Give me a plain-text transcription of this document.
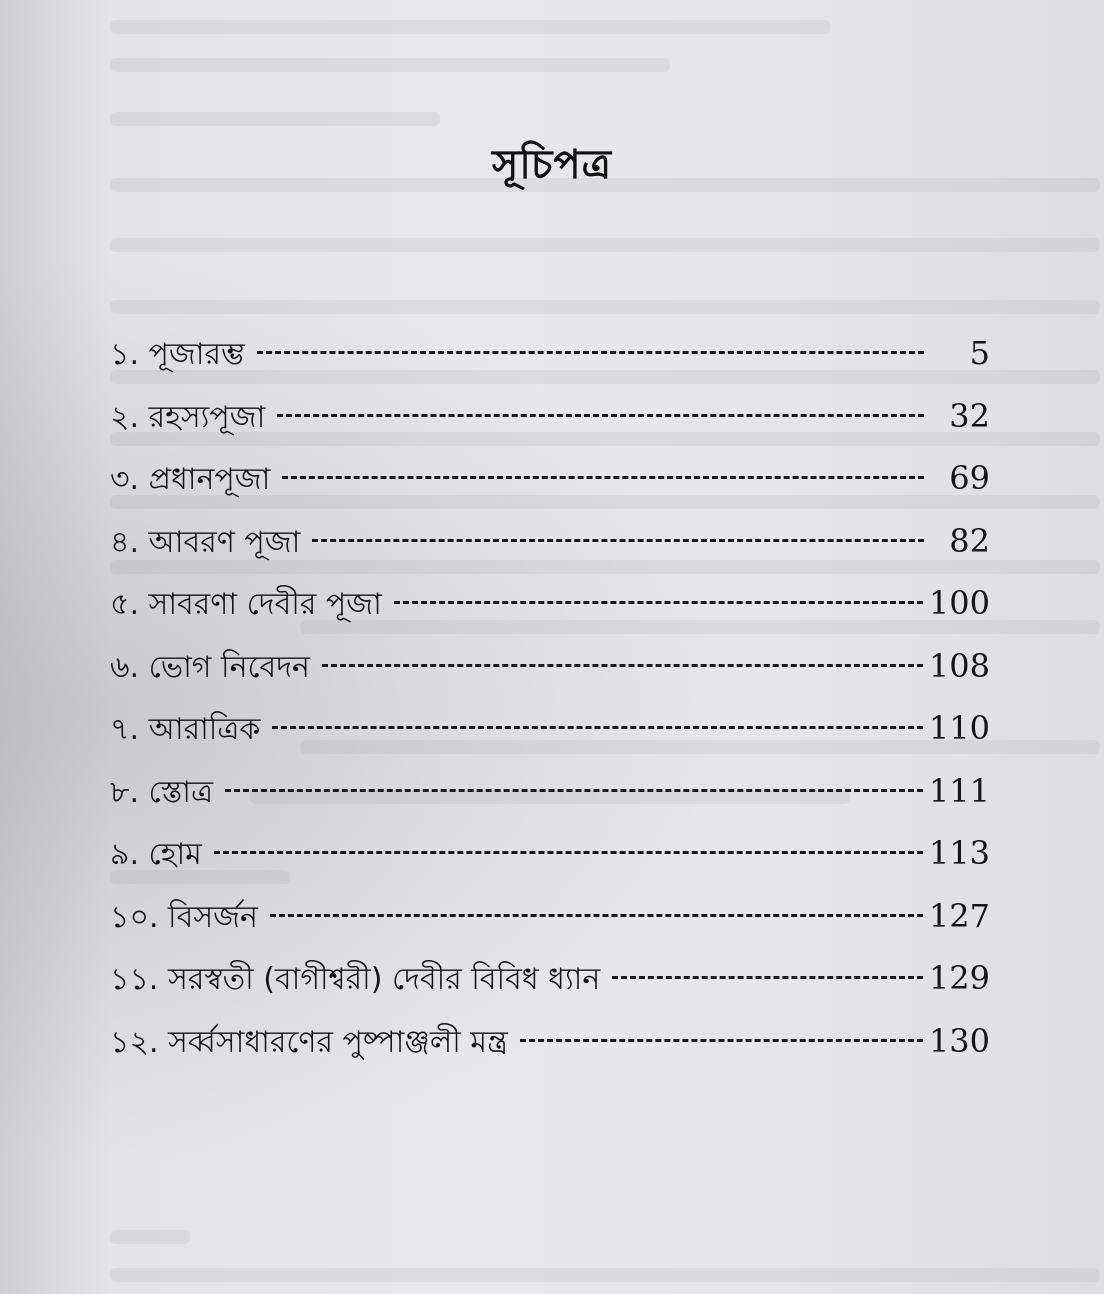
সূচিপত্র
১. পূজারম্ভ	5
২. রহস্যপূজা	32
৩. প্রধানপূজা	69
৪. আবরণ পূজা	82
৫. সাবরণা দেবীর পূজা	100
৬. ভোগ নিবেদন	108
৭. আরাত্রিক	110
৮. স্তোত্র	111
৯. হোম	113
১০. বিসর্জন	127
১১. সরস্বতী (বাগীশ্বরী) দেবীর বিবিধ ধ্যান	129
১২. সর্ব্বসাধারণের পুষ্পাঞ্জলী মন্ত্র	130
